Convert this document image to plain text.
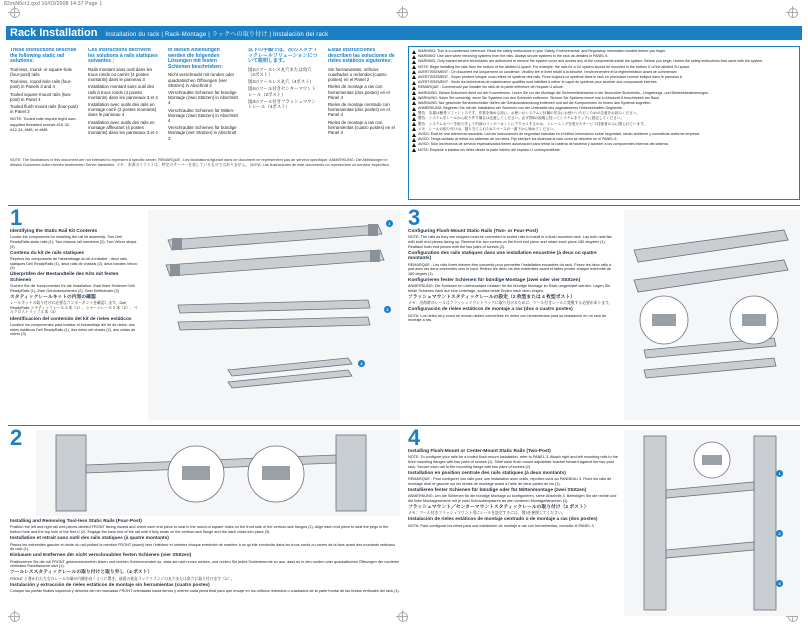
82xxN0cr1.qxd 10/03/2008 14:37 Page 1
Rack Installation Installation du rack | Rack-Montage | ラックへの取り付け | Instalación del rack
These instructions describe the following static rail solutions:

Tool-less, round- or square-hole (four-post) rails

Tool-less, round-hole rails (four-post) in Panels 3 and 4

Tooled square-mount rails (two-post) in Panel 4

Tooled flush-mount rails (four-post) in Panel 3

NOTE: Tooled rails require eight user-supplied threaded screws #10-32, #12-24, #M5, or #M6.

Ces instructions décrivent les solutions à rails statiques suivantes :

Rails montant sans outil dans les trous ronds ou carrés (4 postes montants) dans le panneau 3

Installation montant sans outil des rails à trous ronds (4 postes montants) dans les panneaux 3 et 4

Installation avec outils des rails en montage carré (2 postes montants) dans le panneau 4

Installation avec outils des rails en montage affleurant (4 postes montants) dans les panneaux 3 et 4

In diesen Anleitungen werden die folgenden Lösungen mit festen Schienen beschrieben:

Nicht verschraubt mit runden oder quadratischen Öffnungen (vier Stützen) in Abschnitt 2

Verschraubte Schienen für bündige Montage (zwei Stützen) in Abschnitt 4

Verschraubte Schienen für Mitten-Montage (zwei Stützen) in Abschnitt 4

Verschraubte Schienen für bündige Montage (vier Stützen) in Abschnitt 3

以下の手順では、次のスタティックレールソリューションについて説明します。

図2のツールレス丸穴または角穴（4ポスト）

図3のツールレス丸穴（4ポスト）

図4のツール付きセンターマウントレール（2ポスト）

図3のツール付きフラッシュマウントレール（4ポスト）

Estas instrucciones describen las soluciones de rieles estáticos siguientes:

Sin herramientas, orificios cuadrados o redondos (cuatro postes) en el Panel 2

Rieles de montaje a ras con herramientas (dos postes) en el Panel 4

Rieles de montaje centrado con herramientas (dos postes) en el Panel 4

Rieles de montaje a ras con herramientas (cuatro postes) en el Panel 3

WARNING: This is a condensed reference. Read the safety instructions in your Safety, Environmental, and Regulatory Information booklet before you begin.
WARNING: Use care when removing systems from the rails. Always secure systems to the rack as detailed in PANEL 6.
WARNING: Only trained service technicians are authorized to remove the system cover and access any of the components inside the system. Before you begin, review the safety instructions that came with the system.
NOTE: Begin installing the rails from the bottom of the allotted U-space. For example, the rails for a 2U system should be mounted in the bottom U of the allotted 2U space.
AVERTISSEMENT : Ce document est uniquement un condensé. Veuillez lire le livret relatif à la sécurité, l'environnement et la réglementation avant de commencer.
AVERTISSEMENT : Soyez prudent lorsque vous retirez ce système des rails. Fixez toujours ce système dans le rack en procédant comme indiqué dans le panneau 6.
AVERTISSEMENT : Seuls les techniciens de maintenance qualifiés sont habilités à retirer le capot du système pour accéder aux composants internes.
REMARQUE : Commencez par installer les rails de la partie inférieure de l'espace U alloué.
WARNUNG: Dieses Dokument dient nur der Kurzreferenz. Lesen Sie vor der Montage die Sicherheitshinweise in der Broschüre Sicherheits-, Umgebungs- und Betriebsbestimmungen.
WARNUNG: Seien Sie vorsichtig, wenn Sie Systeme von den Schienen entfernen. Sichern Sie Systeme immer wie in Abschnitt 6 beschrieben am Rack.
WARNUNG: Nur geschulte Servicetechniker dürfen die Gehäuseabdeckung entfernen und auf die Komponenten im Innern des Systems zugreifen.
ANMERKUNG: Beginnen Sie mit der Installation der Schienen von der Unterseite des zugewiesenen Höheneinheiten-Segments.
警告：本書は簡易リファレンスです。作業を始める前に、お使いのシステムに付属の安全にお使いいただくための注意をお読みください。
警告：システムをレールから取り外す場合は注意してください。必ず図6の説明に従ってシステムをラックに固定してください。
警告：システムカバーを取り外して内部のコンポーネントにアクセスするのは、トレーニングを受けたサービス技術者のみに限られています。
メモ：レールの取り付けは、割り当てられたUスペースの一番下から始めてください。
AVISO: Esta es una referencia resumida. Lea las instrucciones de seguridad incluidas en el folleto Información sobre seguridad, medio ambiente y normativas antes de empezar.
AVISO: Tenga cuidado al retirar los sistemas de los rieles. Fije siempre los sistemas al rack como se describe en el PANEL 6.
AVISO: Sólo los técnicos de servicio especializados tienen autorización para retirar la cubierta del sistema y acceder a los componentes internos del sistema.
NOTA: Empiece a instalar los rieles desde la parte inferior del espacio U correspondiente.
NOTE: The illustrations in this document are not intended to represent a specific server. REMARQUE : Les illustrations figurant dans ce document ne représentent pas de serveur spécifique. ANMERKUNG: Die Abbildungen in diesem Dokument sollen keinen bestimmten Server darstellen. メモ：本書のイラストは、特定のサーバーを表しているものではありません。 NOTA: Las ilustraciones de este documento no representan un servidor específico.
1
Identifying the Static Rail Kit Contents

Locate the components for installing the rail kit assembly: Two Dell ReadyRails static rails (1); Two chassis rail members (2); Two Velcro straps (3)

Contenu du kit de rails statiques

Repérez les composants de l'assemblage du kit à installer : deux rails statiques Dell ReadyRails (1), deux rails de châssis (2), deux bandes Velcro (3)

Überprüfen der Bestandteile des Kits mit festen Schienen

Suchen Sie die Komponenten für die Installation: Zwei feste Schienen Dell ReadyRails (1), Zwei Gehäuseschienen (2), Zwei Klettbänder (3)

スタティックレールキットの内容の確認

レールキットの取り付けに必要なコンポーネントを確認します。Dell ReadyRails スタティックレール 2 本（1）、シャーシレール 2 本（2）、ベルクロストラップ 2 本（3）

Identificación del contenido del kit de rieles estáticos

Localice los componentes para instalar el ensamblaje del kit de rieles: dos rieles estáticos Dell ReadyRails (1), dos rieles del chasis (2), dos cintas de velcro (3)

1
2
3
3
Configuring Flush-Mount Static Rails (Two- or Four-Post)

NOTE: The rails as they are shipped must be converted to tooled rails to install in a flush-mounted rack. Lay both rails flat with both end pieces facing up. Remove the two screws on the front end piece and rotate each piece 180 degrees (1). Reattach both end pieces with the two pairs of screws (2).

Configuration des rails statiques dans une installation encastrée (à deux ou quatre montants)

REMARQUE : Les rails livrés doivent être convertis pour permettre l'installation encastrée du rack. Posez les deux rails à plat avec les deux extrémités vers le haut. Retirez les deux vis des extrémités avant et faites pivoter chaque extrémité de 180 degrés (1).

Konfigurieren fester Schienen für bündige Montage (zwei oder vier Stützen)

ANMERKUNG: Die Schienen im Lieferzustand müssen für die bündige Montage im Rack umgerüstet werden. Legen Sie beide Schienen flach auf eine Unterlage, sodass beide Enden nach oben zeigen.

フラッシュマウントスタティックレールの設定（2 枚型または 4 枚型ポスト）

メモ：出荷時のレールはフラッシュマウントラックに取り付けるために、ツール付きレールに変換する必要があります。

Configuración de rieles estáticos de montaje a ras (dos o cuatro postes)

NOTA: Los rieles tal y como se envían deben convertirse en rieles con herramientas para su instalación en un rack de montaje a ras.

2
Installing and Removing Tool-less Static Rails (Four-Post)

Position the left and right rail end pieces labeled FRONT facing inward and orient each end piece to seat in the round or square holes on the front side of the vertical rack flanges (1). Align each end piece to seat the pegs in the bottom hole and the top hole of the first U (2). Engage the back end of the rail until it fully seats on the vertical rack flange and the latch clicks into place (3).

Installation et retrait sans outil des rails statiques (à quatre montants)

Placez les extrémités gauche et droite du rail portant la mention FRONT (avant) vers l'intérieur et orientez chaque extrémité de manière à ce qu'elle s'emboîte dans les trous ronds ou carrés de la face avant des montants verticaux du rack (1).

Einbauen und Entfernen der nicht verschraubten festen Schienen (vier Stützen)

Positionieren Sie die mit FRONT gekennzeichneten linken und rechten Schienenenden so, dass sie nach innen weisen, und richten Sie jedes Schienenende so aus, dass es in den runden oder quadratischen Öffnungen der vorderen vertikalen Rackflansche sitzt (1).

ツールレススタティックレールの取り付けと取り外し（4 ポスト）

FRONT と書かれた左右のレールの端が内側を向くように置き、前面の垂直ラックフランジの丸穴または角穴に取り付けます（1）。

Instalación y extracción de rieles estáticos de montaje sin herramientas (cuatro postes)

Coloque las piezas finales izquierda y derecha del riel marcadas FRONT orientadas hacia dentro y oriente cada pieza final para que encaje en los orificios redondos o cuadrados de la parte frontal de las bridas verticales del rack (1).

4
Installing Flush-Mount or Center-Mount Static Rails (Two-Post)

NOTE: To configure your rails for a tooled flush-mount installation, refer to PANEL 3. Attach right and left mounting rails to the front mounting flanges with two pairs of screws (1). Slide each flush-mount adjustable bracket forward against the two-post rack. Secure each rail to the mounting flange with two pairs of screws (2).

Installation en position centrale des rails statiques (à deux montants)

REMARQUE : Pour configurer vos rails pour une installation avec outils, reportez-vous au PANNEAU 3. Fixez les rails de montage droit et gauche sur les brides de montage avant à l'aide de deux paires de vis (1).

Installieren fester Schienen für bündige oder für Mittenmontage (zwei Stützen)

ANMERKUNG: Um die Schienen für die bündige Montage zu konfigurieren, siehe Abschnitt 3. Befestigen Sie die rechte und die linke Montageschiene mit je zwei Schraubenpaaren an den vorderen Montageflanschen (1).

フラッシュマウント／センターマウントスタティックレールの取り付け（2 ポスト）

メモ：ツール付きフラッシュマウント用にレールを設定するには、図3を参照してください。

Instalación de rieles estáticos de montaje centrado o de montaje a ras (dos postes)

NOTA: Para configurar los rieles para una instalación de montaje a ras con herramientas, consulte el PANEL 3.

1
2
3
